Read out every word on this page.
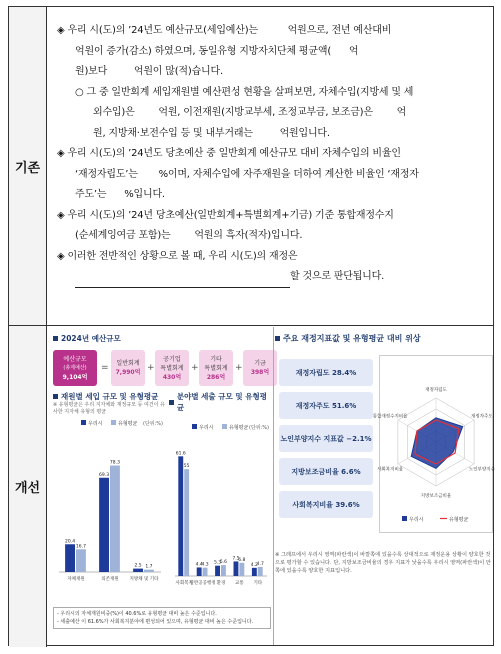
기존
개선

◈ 우리 시(도)의 ’24년도 예산규모(세입예산)는          억원으로, 전년 예산대비

억원이 증가(감소) 하였으며, 동일유형 지방자치단체 평균액(      억

원)보다         억원이 많(적)습니다.

○ 그 중 일반회계 세입재원별 예산편성 현황을 살펴보면, 자체수입(지방세 및 세

외수입)은        억원, 이전재원(지방교부세, 조정교부금, 보조금)은        억

원, 지방채·보전수입 등 및 내부거래는         억원입니다.

◈ 우리 시(도)의 ’24년도 당초예산 중 일반회계 예산규모 대비 자체수입의 비율인

‘재정자립도’는       %이며, 자체수입에 자주재원을 더하여 계산한 비율인 ‘재정자

주도’는      %입니다.

◈ 우리 시(도)의 ’24년 당초예산(일반회계+특별회계+기금) 기준 통합재정수지

(순세계잉여금 포함)는        억원의 흑자(적자)입니다.

◈ 이러한 전반적인 상황으로 볼 때, 우리 시(도)의 재정은

할 것으로 판단됩니다.

2024년 예산규모
예산규모
(총계예산)
9,104억
= 일반회계
7,990억 +
공기업
특별회계
430억
+
기타
특별회계
286억
+ 기금
398억
재원별 세입 규모 및 유형평균
※ 유형평균은 우리 지자체와 재정규모 등 여건이 유사한 지자체 유형의 평균
우리시	유형평균 (단위:%)
20.4
16.7
자체재원
69.3
78.3
의존재원
2.5 1.7
지방채 및 기타
분야별 세출 규모 및 유형평균
우리시	유형평균 (단위:%)
61.6
55
사회복지
4.4
4.3
일반공공행정
5.3
5.6
환경
7.5
6.8
교통
4.2
4.7
기타
- 우리시의 자체재원비중(%)이 40.6%로 유형평균 대비 높은 수준입니다.
- 세출예산 이 61.6%가 사회복지분야에 편성되어 있으며, 유형평균 대비 높은 수준입니다.
주요 재정지표값 및 유형평균 대비 위상
재정자립도 28.4%
재정자주도 51.6%
노인부양지수 지표값 −2.1%
지방보조금비율 6.6%
사회복지비율 39.6%
재정자립도
재정자주도
노인부양지수
지방보조금비율
사회복지비율
통합재정수지비율
우리시	유형평균
※ 그래프에서 우리시 영역(파란색)이 바깥쪽에 있을수록 상대적으로 재정운용 상황이 양호한 것으로 평가할 수 있습니다. 단, 지방보조금비율의 경우 지표가 낮을수록 우리시 영역(파란색)이 안쪽에 있을수록 양호한 지표입니다.
